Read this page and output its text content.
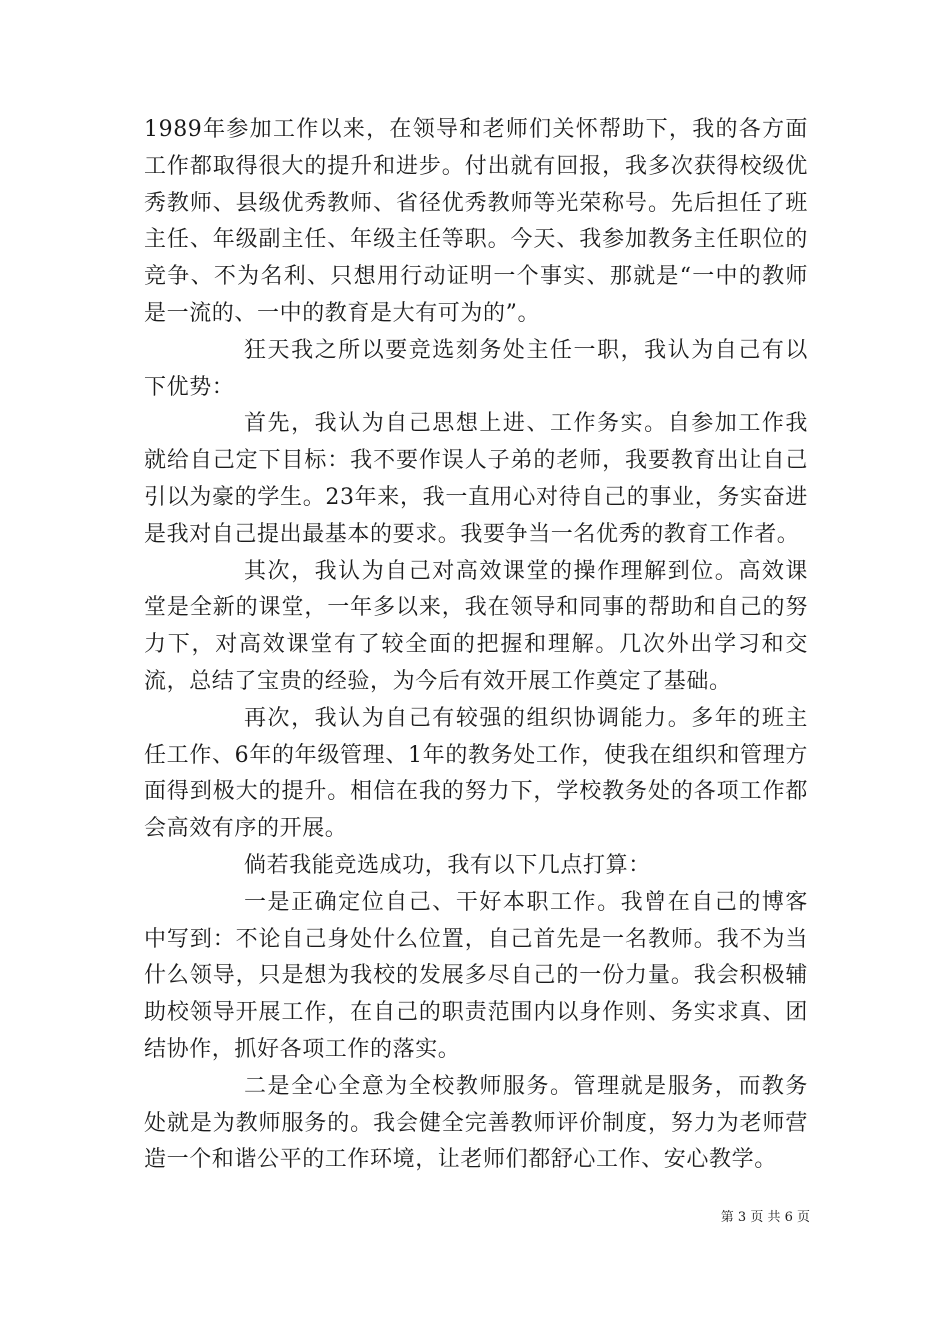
1989年参加工作以来，在领导和老师们关怀帮助下，我的各方面工作都取得很大的提升和进步。付出就有回报，我多次获得校级优秀教师、县级优秀教师、省径优秀教师等光荣称号。先后担任了班主任、年级副主任、年级主任等职。今天、我参加教务主任职位的竞争、不为名利、只想用行动证明一个事实、那就是“一中的教师是一流的、一中的教育是大有可为的”。

狂天我之所以要竞选刻务处主任一职，我认为自己有以下优势：

首先，我认为自己思想上进、工作务实。自参加工作我就给自己定下目标：我不要作误人子弟的老师，我要教育出让自己引以为豪的学生。23年来，我一直用心对待自己的事业，务实奋进是我对自己提出最基本的要求。我要争当一名优秀的教育工作者。

其次，我认为自己对高效课堂的操作理解到位。高效课堂是全新的课堂，一年多以来，我在领导和同事的帮助和自己的努力下，对高效课堂有了较全面的把握和理解。几次外出学习和交流，总结了宝贵的经验，为今后有效开展工作奠定了基础。

再次，我认为自己有较强的组织协调能力。多年的班主任工作、6年的年级管理、1年的教务处工作，使我在组织和管理方面得到极大的提升。相信在我的努力下，学校教务处的各项工作都会高效有序的开展。

倘若我能竞选成功，我有以下几点打算：

一是正确定位自己、干好本职工作。我曾在自己的博客中写到：不论自己身处什么位置，自己首先是一名教师。我不为当什么领导，只是想为我校的发展多尽自己的一份力量。我会积极辅助校领导开展工作，在自己的职责范围内以身作则、务实求真、团结协作，抓好各项工作的落实。

二是全心全意为全校教师服务。管理就是服务，而教务处就是为教师服务的。我会健全完善教师评价制度，努力为老师营造一个和谐公平的工作环境，让老师们都舒心工作、安心教学。

第 3 页 共 6 页
